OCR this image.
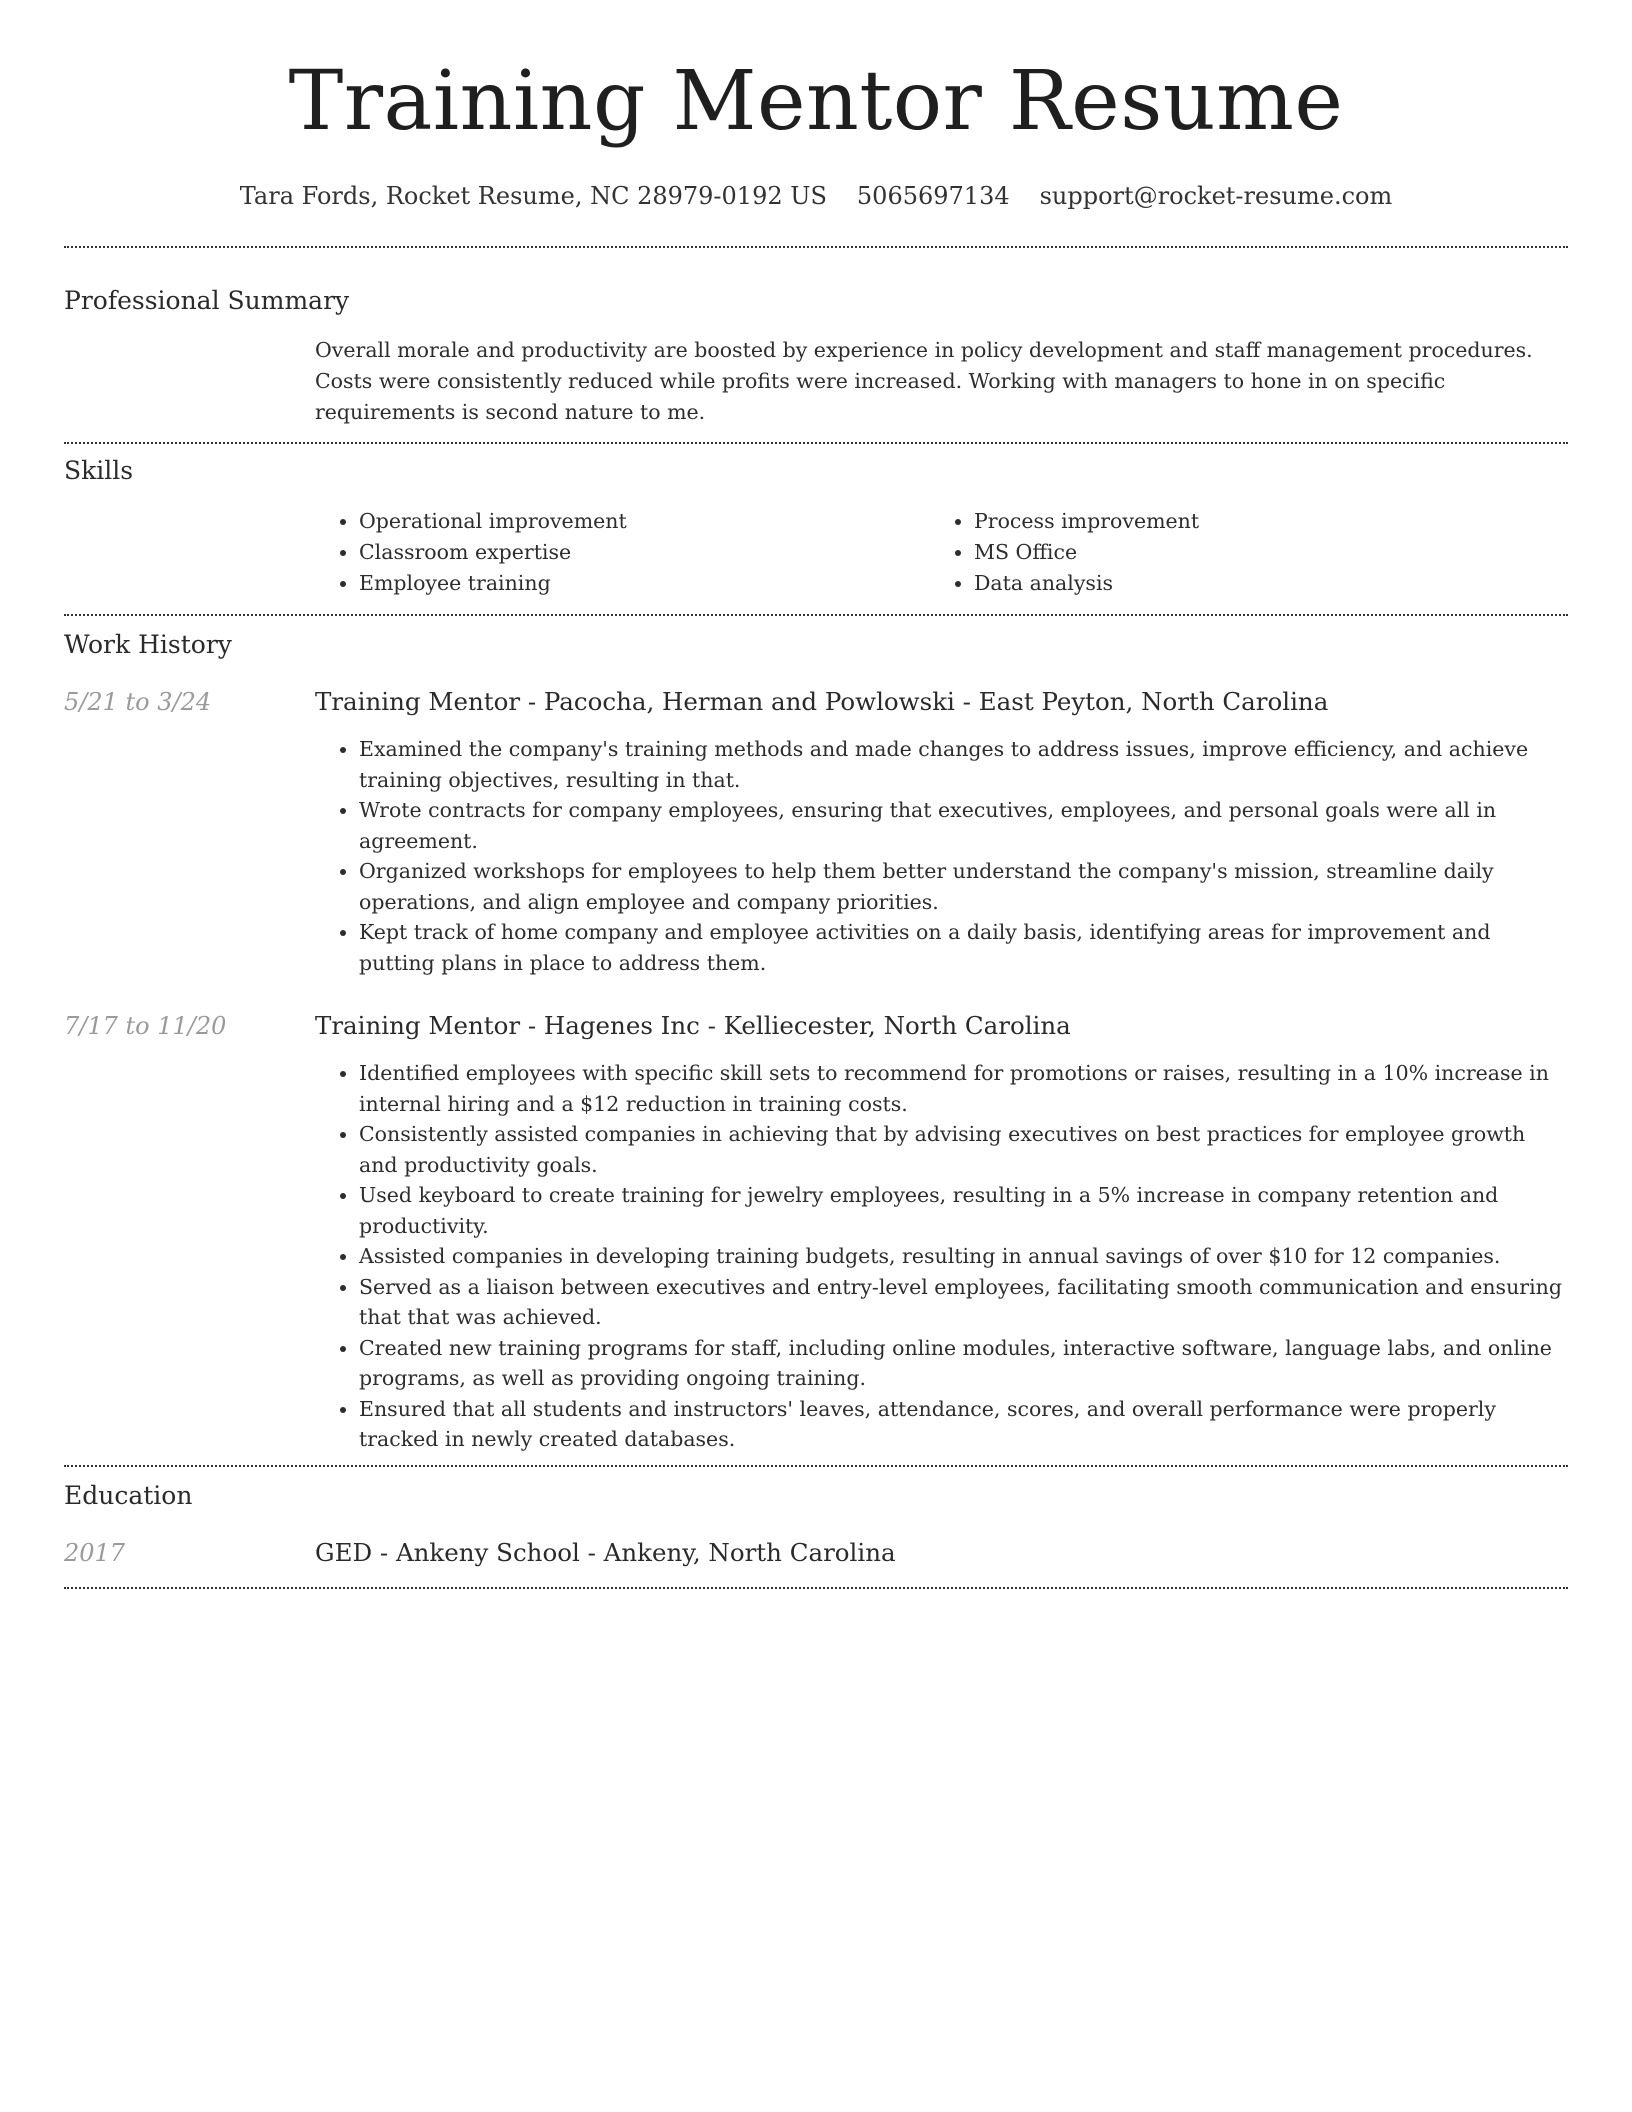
Training Mentor Resume
Tara Fords, Rocket Resume, NC 28979-0192 US 5065697134 support@rocket-resume.com
Professional Summary

Overall morale and productivity are boosted by experience in policy development and staff management procedures. Costs were consistently reduced while profits were increased. Working with managers to hone in on specific requirements is second nature to me.

Skills
• Operational improvement
• Classroom expertise
• Employee training
• Process improvement
• MS Office
• Data analysis
Work History
5/21 to 3/24	Training Mentor - Pacocha, Herman and Powlowski - East Peyton, North Carolina
• Examined the company's training methods and made changes to address issues, improve efficiency, and achieve training objectives, resulting in that.
• Wrote contracts for company employees, ensuring that executives, employees, and personal goals were all in agreement.
• Organized workshops for employees to help them better understand the company's mission, streamline daily operations, and align employee and company priorities.
• Kept track of home company and employee activities on a daily basis, identifying areas for improvement and putting plans in place to address them.
7/17 to 11/20	Training Mentor - Hagenes Inc - Kelliecester, North Carolina
• Identified employees with specific skill sets to recommend for promotions or raises, resulting in a 10% increase in internal hiring and a $12 reduction in training costs.
• Consistently assisted companies in achieving that by advising executives on best practices for employee growth and productivity goals.
• Used keyboard to create training for jewelry employees, resulting in a 5% increase in company retention and productivity.
• Assisted companies in developing training budgets, resulting in annual savings of over $10 for 12 companies.
• Served as a liaison between executives and entry-level employees, facilitating smooth communication and ensuring that that was achieved.
• Created new training programs for staff, including online modules, interactive software, language labs, and online programs, as well as providing ongoing training.
• Ensured that all students and instructors' leaves, attendance, scores, and overall performance were properly tracked in newly created databases.
Education
2017	GED - Ankeny School - Ankeny, North Carolina
